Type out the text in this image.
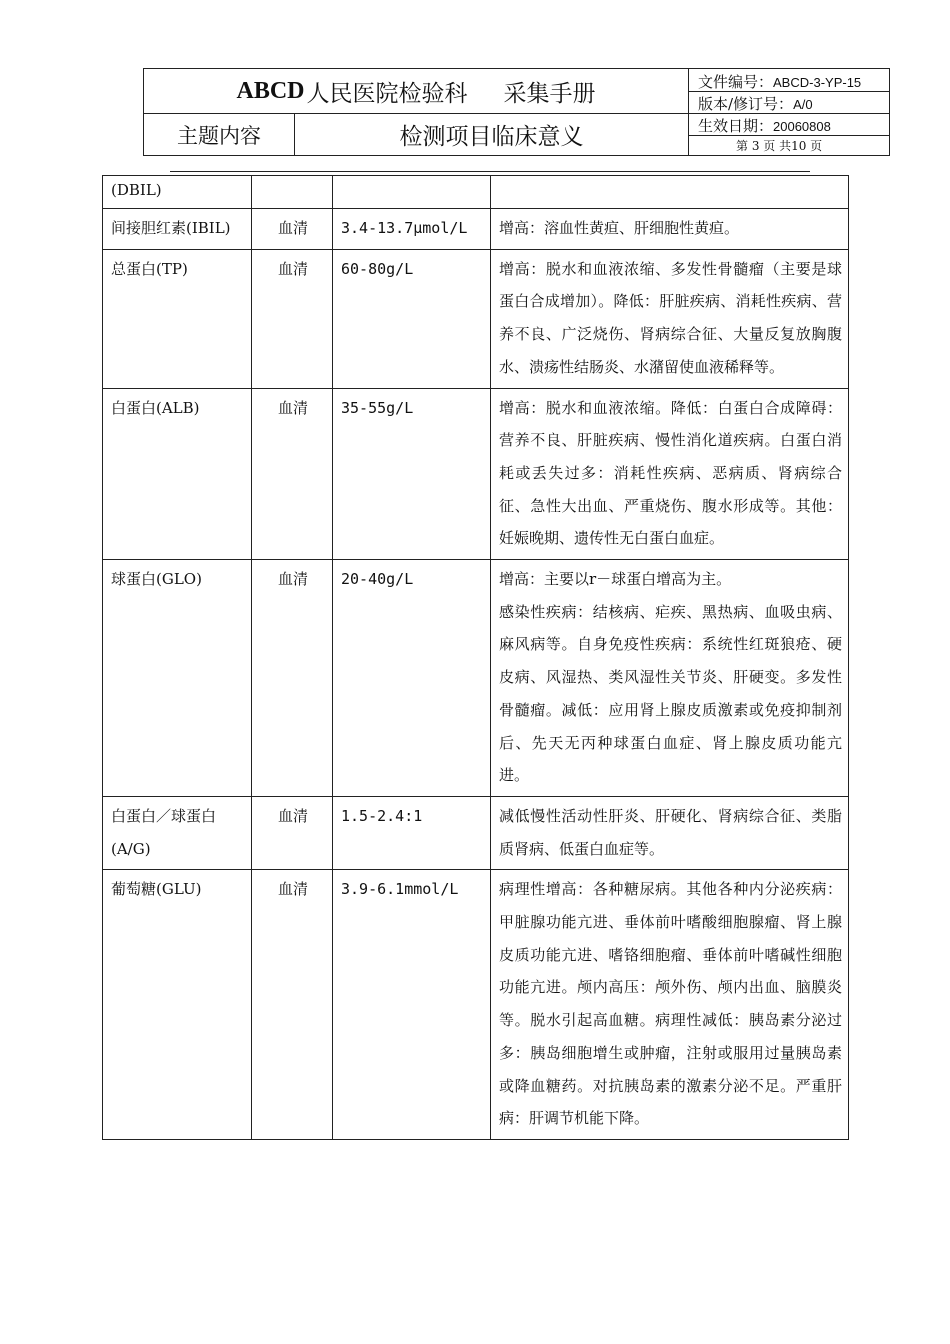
ABCD 人民医院检验科 采集手册
主题内容	检测项目临床意义
文件编号：ABCD-3-YP-15
版本/修订号：A/0
生效日期：20060808
第 3 页 共10 页
(DBIL)			
间接胆红素(IBIL)	血清	3.4-13.7μmol/L	增高：溶血性黄疸、肝细胞性黄疸。
总蛋白(TP)	血清	60-80g/L	增高：脱水和血液浓缩、多发性骨髓瘤（主要是球蛋白合成增加）。降低：肝脏疾病、消耗性疾病、营养不良、广泛烧伤、肾病综合征、大量反复放胸腹水、溃疡性结肠炎、水潴留使血液稀释等。
白蛋白(ALB)	血清	35-55g/L	增高：脱水和血液浓缩。降低：白蛋白合成障碍：营养不良、肝脏疾病、慢性消化道疾病。白蛋白消耗或丢失过多：消耗性疾病、恶病质、肾病综合征、急性大出血、严重烧伤、腹水形成等。其他：妊娠晚期、遗传性无白蛋白血症。
球蛋白(GLO)	血清	20-40g/L	增高：主要以r－球蛋白增高为主。
感染性疾病：结核病、疟疾、黑热病、血吸虫病、麻风病等。自身免疫性疾病：系统性红斑狼疮、硬皮病、风湿热、类风湿性关节炎、肝硬变。多发性骨髓瘤。减低：应用肾上腺皮质激素或免疫抑制剂后、先天无丙种球蛋白血症、肾上腺皮质功能亢进。

白蛋白／球蛋白(A/G)	血清	1.5-2.4:1	减低慢性活动性肝炎、肝硬化、肾病综合征、类脂质肾病、低蛋白血症等。
葡萄糖(GLU)	血清	3.9-6.1mmol/L	病理性增高：各种糖尿病。其他各种内分泌疾病：甲脏腺功能亢进、垂体前叶嗜酸细胞腺瘤、肾上腺皮质功能亢进、嗜铬细胞瘤、垂体前叶嗜碱性细胞功能亢进。颅内高压：颅外伤、颅内出血、脑膜炎等。脱水引起高血糖。病理性减低：胰岛素分泌过多：胰岛细胞增生或肿瘤，注射或服用过量胰岛素或降血糖药。对抗胰岛素的激素分泌不足。严重肝病：肝调节机能下降。
